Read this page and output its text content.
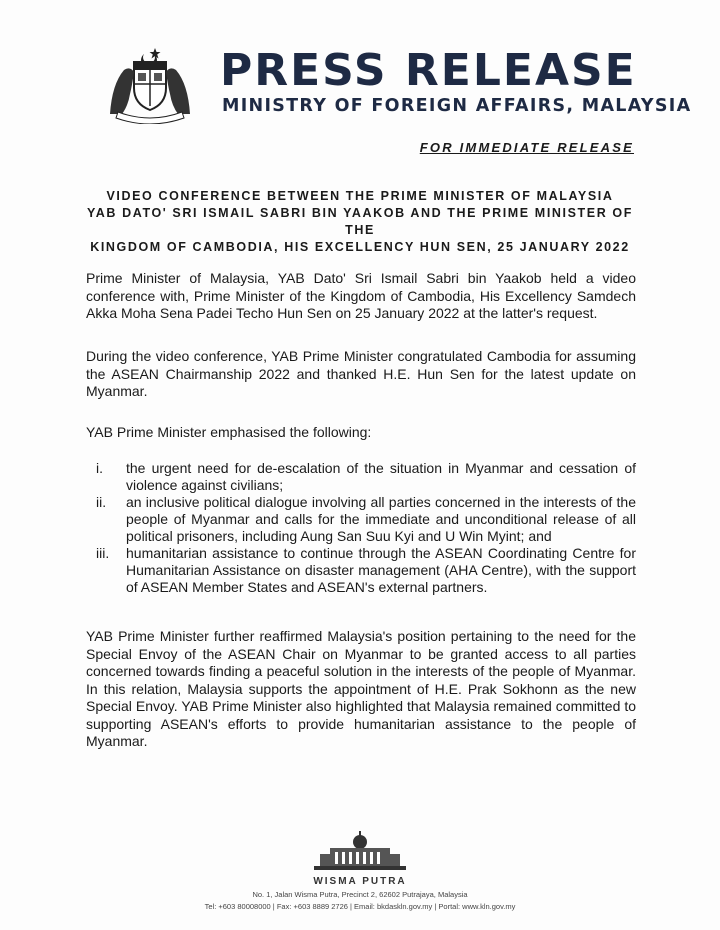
PRESS RELEASE
MINISTRY OF FOREIGN AFFAIRS, MALAYSIA
FOR IMMEDIATE RELEASE
VIDEO CONFERENCE BETWEEN THE PRIME MINISTER OF MALAYSIA
YAB DATO' SRI ISMAIL SABRI BIN YAAKOB AND THE PRIME MINISTER OF THE
KINGDOM OF CAMBODIA, HIS EXCELLENCY HUN SEN, 25 JANUARY 2022

Prime Minister of Malaysia, YAB Dato' Sri Ismail Sabri bin Yaakob held a video conference with, Prime Minister of the Kingdom of Cambodia, His Excellency Samdech Akka Moha Sena Padei Techo Hun Sen on 25 January 2022 at the latter's request.

During the video conference, YAB Prime Minister congratulated Cambodia for assuming the ASEAN Chairmanship 2022 and thanked H.E. Hun Sen for the latest update on Myanmar.

YAB Prime Minister emphasised the following:

i. the urgent need for de-escalation of the situation in Myanmar and cessation of violence against civilians;
ii. an inclusive political dialogue involving all parties concerned in the interests of the people of Myanmar and calls for the immediate and unconditional release of all political prisoners, including Aung San Suu Kyi and U Win Myint; and
iii. humanitarian assistance to continue through the ASEAN Coordinating Centre for Humanitarian Assistance on disaster management (AHA Centre), with the support of ASEAN Member States and ASEAN's external partners.

YAB Prime Minister further reaffirmed Malaysia's position pertaining to the need for the Special Envoy of the ASEAN Chair on Myanmar to be granted access to all parties concerned towards finding a peaceful solution in the interests of the people of Myanmar. In this relation, Malaysia supports the appointment of H.E. Prak Sokhonn as the new Special Envoy. YAB Prime Minister also highlighted that Malaysia remained committed to supporting ASEAN's efforts to provide humanitarian assistance to the people of Myanmar.

WISMA PUTRA
No. 1, Jalan Wisma Putra, Precinct 2, 62602 Putrajaya, Malaysia
Tel: +603 80008000 | Fax: +603 8889 2726 | Email: bkdaskln.gov.my | Portal: www.kln.gov.my
